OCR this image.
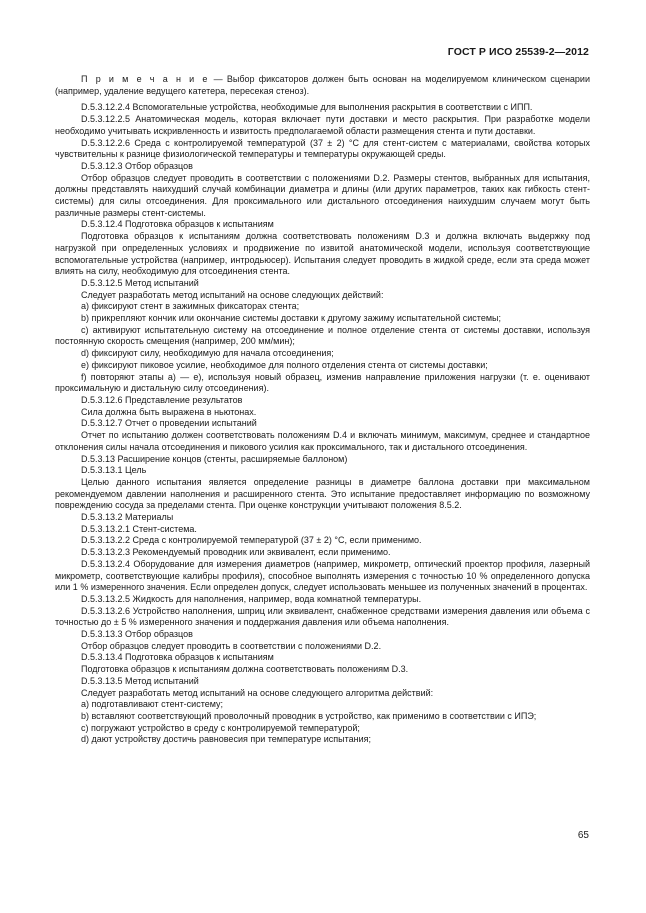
ГОСТ Р ИСО 25539-2—2012

П р и м е ч а н и е — Выбор фиксаторов должен быть основан на моделируемом клиническом сценарии (например, удаление ведущего катетера, пересекая стеноз).

D.5.3.12.2.4 Вспомогательные устройства, необходимые для выполнения раскрытия в соответствии с ИПП.

D.5.3.12.2.5 Анатомическая модель, которая включает пути доставки и место раскрытия. При разработке модели необходимо учитывать искривленность и извитость предполагаемой области размещения стента и пути доставки.

D.5.3.12.2.6 Среда с контролируемой температурой (37 ± 2) °С для стент-систем с материалами, свойства которых чувствительны к разнице физиологической температуры и температуры окружающей среды.

D.5.3.12.3 Отбор образцов

Отбор образцов следует проводить в соответствии с положениями D.2. Размеры стентов, выбранных для испытания, должны представлять наихудший случай комбинации диаметра и длины (или других параметров, таких как гибкость стент-системы) для силы отсоединения. Для проксимального или дистального отсоединения наихудшим случаем могут быть различные размеры стент-системы.

D.5.3.12.4 Подготовка образцов к испытаниям

Подготовка образцов к испытаниям должна соответствовать положениям D.3 и должна включать выдержку под нагрузкой при определенных условиях и продвижение по извитой анатомической модели, используя соответствующие вспомогательные устройства (например, интродьюсер). Испытания следует проводить в жидкой среде, если эта среда может влиять на силу, необходимую для отсоединения стента.

D.5.3.12.5 Метод испытаний

Следует разработать метод испытаний на основе следующих действий:

a) фиксируют стент в зажимных фиксаторах стента;

b) прикрепляют кончик или окончание системы доставки к другому зажиму испытательной системы;

c) активируют испытательную систему на отсоединение и полное отделение стента от системы доставки, используя постоянную скорость смещения (например, 200 мм/мин);

d) фиксируют силу, необходимую для начала отсоединения;

e) фиксируют пиковое усилие, необходимое для полного отделения стента от системы доставки;

f) повторяют этапы a) — e), используя новый образец, изменив направление приложения нагрузки (т. е. оценивают проксимальную и дистальную силу отсоединения).

D.5.3.12.6 Представление результатов

Сила должна быть выражена в ньютонах.

D.5.3.12.7 Отчет о проведении испытаний

Отчет по испытанию должен соответствовать положениям D.4 и включать минимум, максимум, среднее и стандартное отклонения силы начала отсоединения и пикового усилия как проксимального, так и дистального отсоединения.

D.5.3.13 Расширение концов (стенты, расширяемые баллоном)

D.5.3.13.1 Цель

Целью данного испытания является определение разницы в диаметре баллона доставки при максимальном рекомендуемом давлении наполнения и расширенного стента. Это испытание предоставляет информацию по возможному повреждению сосуда за пределами стента. При оценке конструкции учитывают положения 8.5.2.

D.5.3.13.2 Материалы

D.5.3.13.2.1 Стент-система.

D.5.3.13.2.2 Среда с контролируемой температурой (37 ± 2) °С, если применимо.

D.5.3.13.2.3 Рекомендуемый проводник или эквивалент, если применимо.

D.5.3.13.2.4 Оборудование для измерения диаметров (например, микрометр, оптический проектор профиля, лазерный микрометр, соответствующие калибры профиля), способное выполнять измерения с точностью 10 % определенного допуска или 1 % измеренного значения. Если определен допуск, следует использовать меньшее из полученных значений в процентах.

D.5.3.13.2.5 Жидкость для наполнения, например, вода комнатной температуры.

D.5.3.13.2.6 Устройство наполнения, шприц или эквивалент, снабженное средствами измерения давления или объема с точностью до ± 5 % измеренного значения и поддержания давления или объема наполнения.

D.5.3.13.3 Отбор образцов

Отбор образцов следует проводить в соответствии с положениями D.2.

D.5.3.13.4 Подготовка образцов к испытаниям

Подготовка образцов к испытаниям должна соответствовать положениям D.3.

D.5.3.13.5 Метод испытаний

Следует разработать метод испытаний на основе следующего алгоритма действий:

a) подготавливают стент-систему;

b) вставляют соответствующий проволочный проводник в устройство, как применимо в соответствии с ИПЭ;

c) погружают устройство в среду с контролируемой температурой;

d) дают устройству достичь равновесия при температуре испытания;

65
